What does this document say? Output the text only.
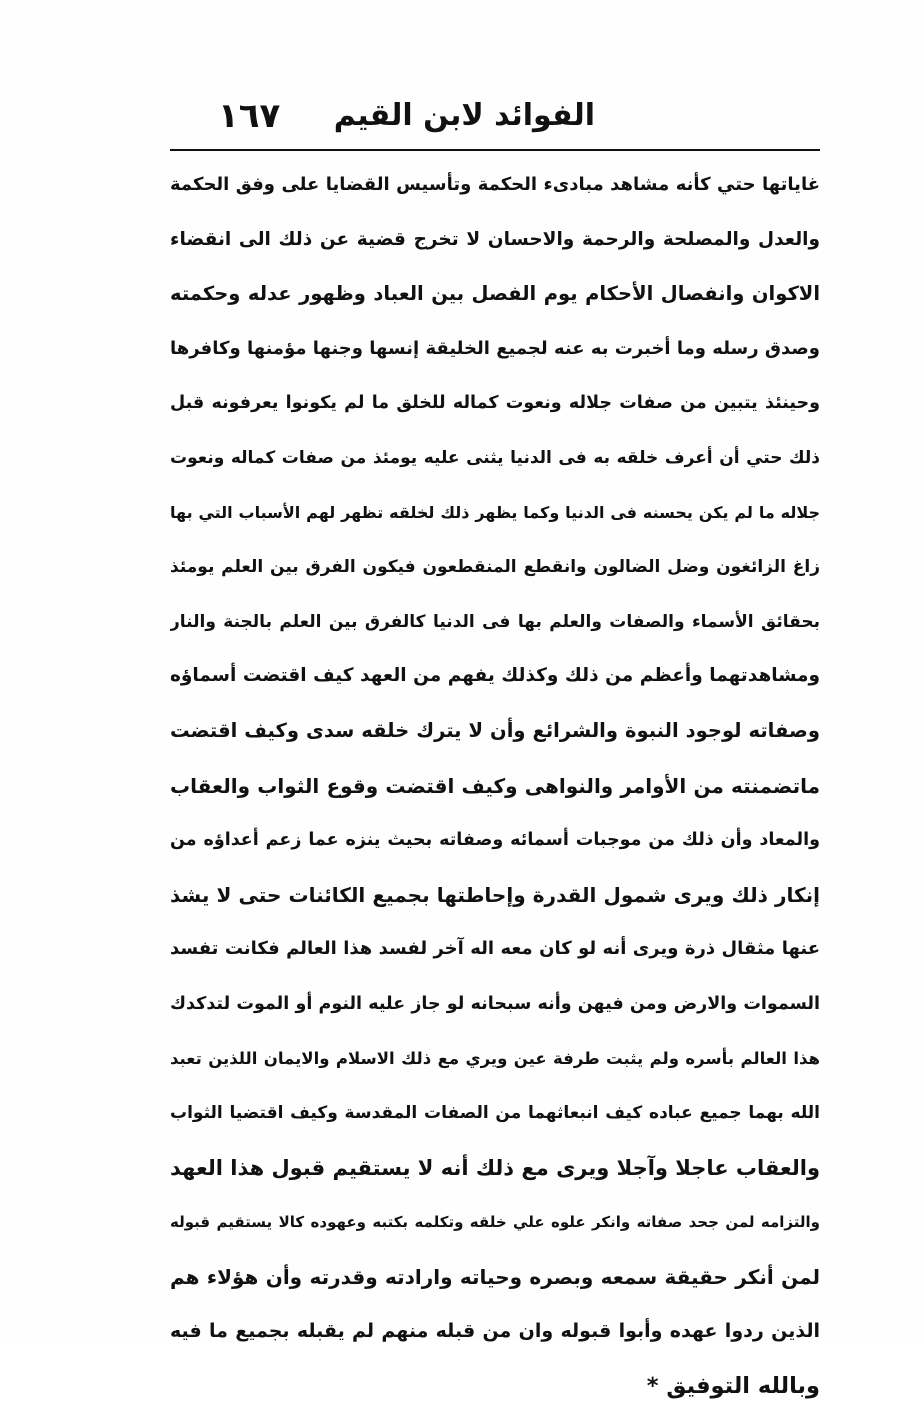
الفوائد لابن القيم
١٦٧
غاياتها حتي كأنه مشاهد مبادىء الحكمة وتأسيس القضايا على وفق الحكمة
والعدل والمصلحة والرحمة والاحسان لا تخرج قضية عن ذلك الى انقضاء
الاكوان وانفصال الأحكام يوم الفصل بين العباد وظهور عدله وحكمته
وصدق رسله وما أخبرت به عنه لجميع الخليقة إنسها وجنها مؤمنها وكافرها
وحينئذ يتبين من صفات جلاله ونعوت كماله للخلق ما لم يكونوا يعرفونه قبل
ذلك حتي أن أعرف خلقه به فى الدنيا يثنى عليه يومئذ من صفات كماله ونعوت
جلاله ما لم يكن يحسنه فى الدنيا وكما يظهر ذلك لخلقه تظهر لهم الأسباب التي بها
زاغ الزائغون وضل الضالون وانقطع المنقطعون فيكون الفرق بين العلم يومئذ
بحقائق الأسماء والصفات والعلم بها فى الدنيا كالفرق بين العلم بالجنة والنار
ومشاهدتهما وأعظم من ذلك وكذلك يفهم من العهد كيف اقتضت أسماؤه
وصفاته لوجود النبوة والشرائع وأن لا يترك خلقه سدى وكيف اقتضت
ماتضمنته من الأوامر والنواهى وكيف اقتضت وقوع الثواب والعقاب
والمعاد وأن ذلك من موجبات أسمائه وصفاته بحيث ينزه عما زعم أعداؤه من
إنكار ذلك ويرى شمول القدرة وإحاطتها بجميع الكائنات حتى لا يشذ
عنها مثقال ذرة ويرى أنه لو كان معه اله آخر لفسد هذا العالم فكانت تفسد
السموات والارض ومن فيهن وأنه سبحانه لو جاز عليه النوم أو الموت لتدكدك
هذا العالم بأسره ولم يثبت طرفة عين ويري مع ذلك الاسلام والايمان اللذين تعبد
الله بهما جميع عباده كيف انبعاثهما من الصفات المقدسة وكيف اقتضيا الثواب
والعقاب عاجلا وآجلا ويرى مع ذلك أنه لا يستقيم قبول هذا العهد
والتزامه لمن جحد صفاته وانكر علوه علي خلقه وتكلمه بكتبه وعهوده كالا يستقيم قبوله
لمن أنكر حقيقة سمعه وبصره وحياته وارادته وقدرته وأن هؤلاء هم
الذين ردوا عهده وأبوا قبوله وان من قبله منهم لم يقبله بجميع ما فيه
وبالله التوفيق *
